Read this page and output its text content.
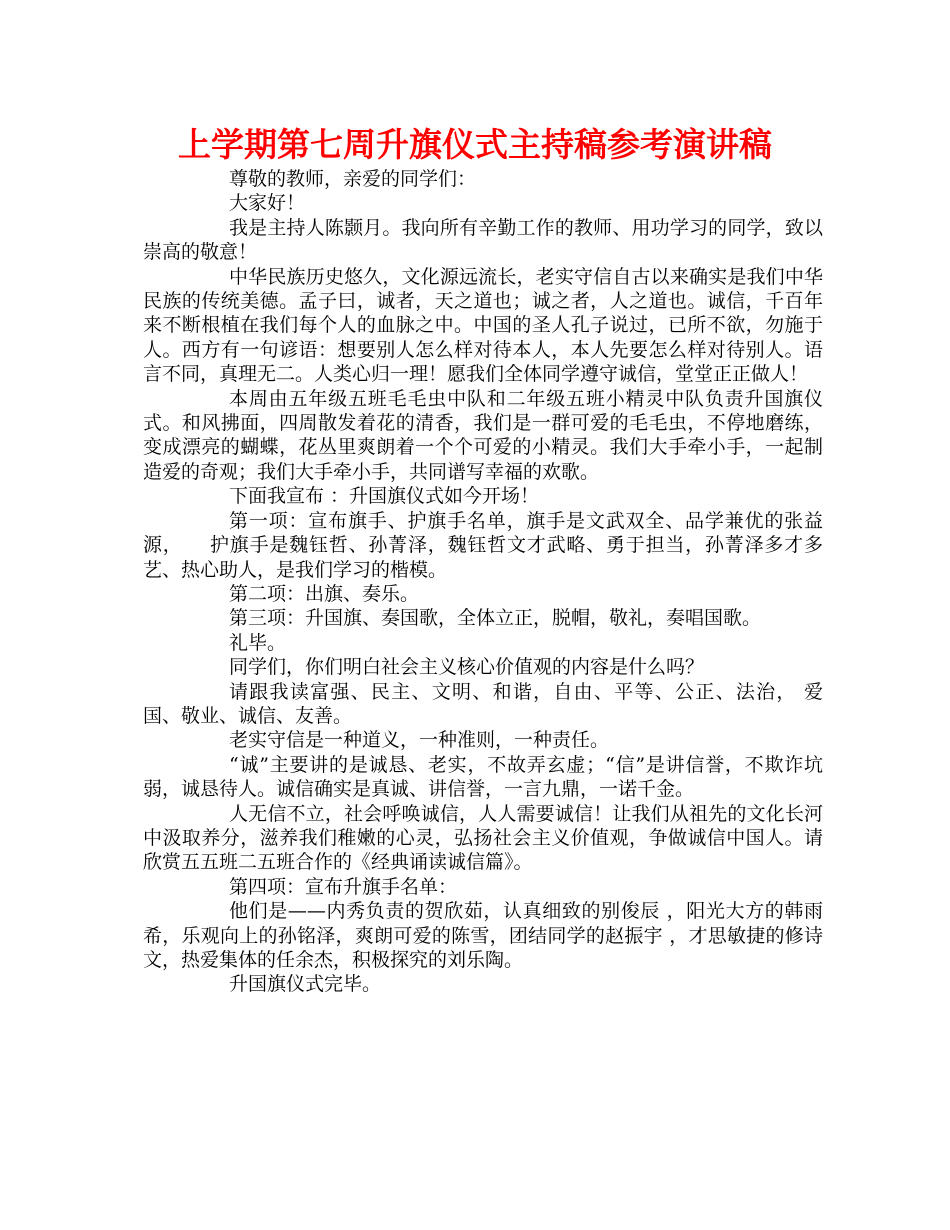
上学期第七周升旗仪式主持稿参考演讲稿

尊敬的教师，亲爱的同学们：

大家好！

我是主持人陈颢月。我向所有辛勤工作的教师、用功学习的同学，致以崇高的敬意！

中华民族历史悠久，文化源远流长，老实守信自古以来确实是我们中华民族的传统美德。孟子曰，诚者，天之道也；诚之者，人之道也。诚信，千百年来不断根植在我们每个人的血脉之中。中国的圣人孔子说过，已所不欲，勿施于人。西方有一句谚语：想要别人怎么样对待本人，本人先要怎么样对待别人。语言不同，真理无二。人类心归一理！愿我们全体同学遵守诚信，堂堂正正做人！

本周由五年级五班毛毛虫中队和二年级五班小精灵中队负责升国旗仪式。和风拂面，四周散发着花的清香，我们是一群可爱的毛毛虫，不停地磨练，变成漂亮的蝴蝶，花丛里爽朗着一个个可爱的小精灵。我们大手牵小手，一起制造爱的奇观；我们大手牵小手，共同谱写幸福的欢歌。

下面我宣布 ：升国旗仪式如今开场！

第一项：宣布旗手、护旗手名单，旗手是文武双全、品学兼优的张益源，    护旗手是魏钰哲、孙菁泽，魏钰哲文才武略、勇于担当，孙菁泽多才多艺、热心助人，是我们学习的楷模。

第二项：出旗、奏乐。

第三项：升国旗、奏国歌，全体立正，脱帽，敬礼，奏唱国歌。

礼毕。

同学们，你们明白社会主义核心价值观的内容是什么吗？

请跟我读富强、民主、文明、和谐，自由、平等、公正、法治， 爱国、敬业、诚信、友善。

老实守信是一种道义，一种准则，一种责任。

“诚”主要讲的是诚恳、老实，不故弄玄虚；“信”是讲信誉，不欺诈坑弱，诚恳待人。诚信确实是真诚、讲信誉，一言九鼎，一诺千金。

人无信不立，社会呼唤诚信，人人需要诚信！让我们从祖先的文化长河中汲取养分，滋养我们稚嫩的心灵，弘扬社会主义价值观，争做诚信中国人。请欣赏五五班二五班合作的《经典诵读诚信篇》。

第四项：宣布升旗手名单：

他们是——内秀负责的贺欣茹，认真细致的别俊辰 ，阳光大方的韩雨希，乐观向上的孙铭泽，爽朗可爱的陈雪，团结同学的赵振宇 ，才思敏捷的修诗文，热爱集体的任余杰，积极探究的刘乐陶。

升国旗仪式完毕。
